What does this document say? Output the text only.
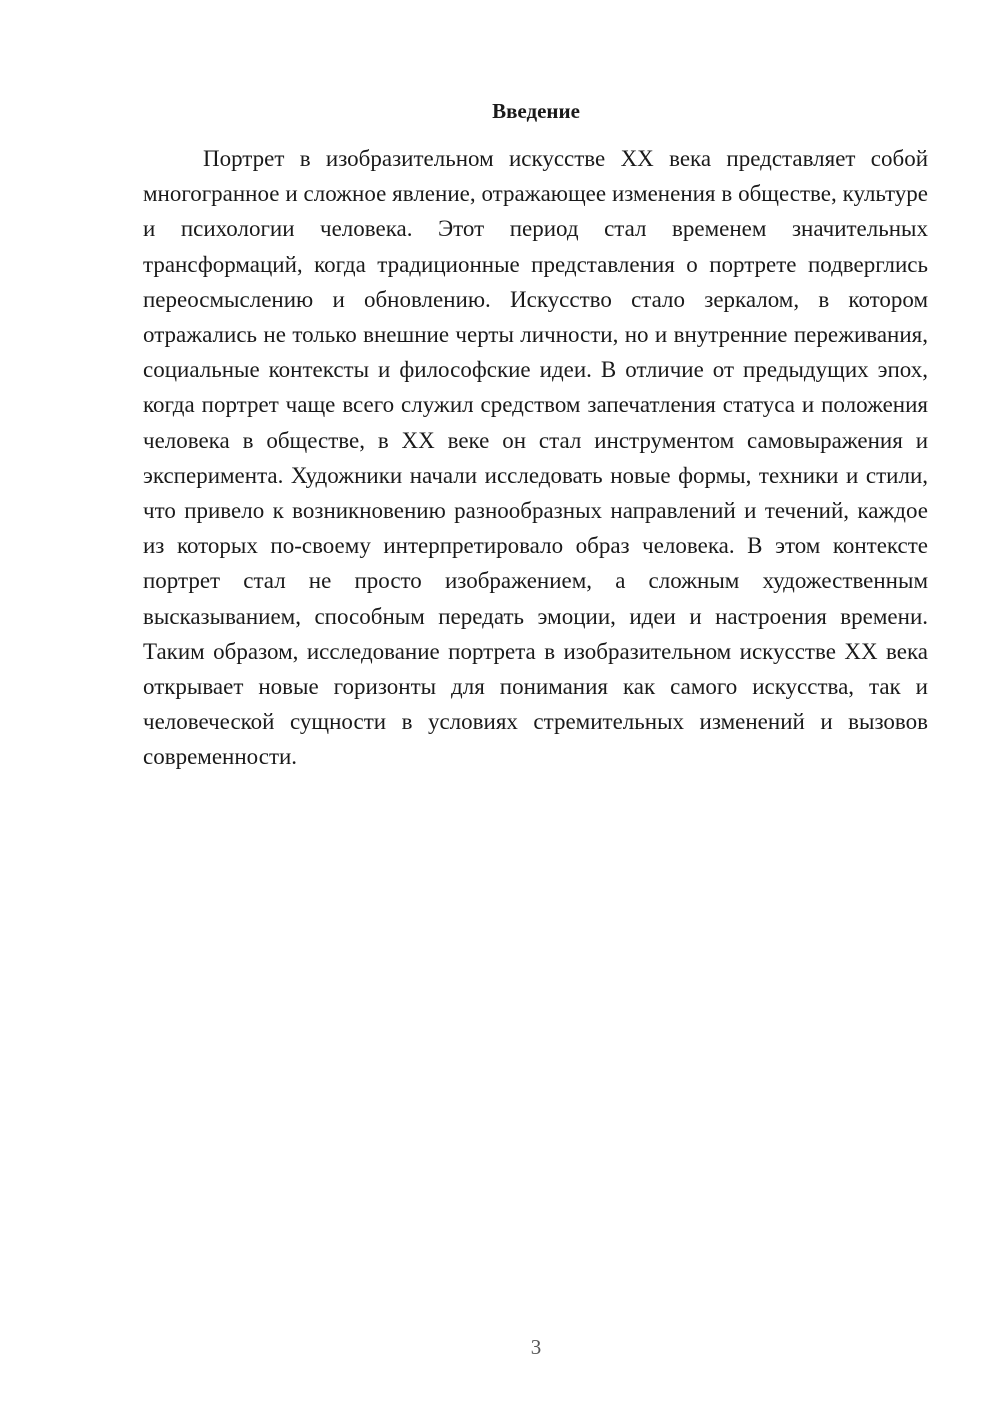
Введение

Портрет в изобразительном искусстве XX века представляет собой многогранное и сложное явление, отражающее изменения в обществе, культуре и психологии человека. Этот период стал временем значительных трансформаций, когда традиционные представления о портрете подверглись переосмыслению и обновлению. Искусство стало зеркалом, в котором отражались не только внешние черты личности, но и внутренние переживания, социальные контексты и философские идеи. В отличие от предыдущих эпох, когда портрет чаще всего служил средством запечатления статуса и положения человека в обществе, в XX веке он стал инструментом самовыражения и эксперимента. Художники начали исследовать новые формы, техники и стили, что привело к возникновению разнообразных направлений и течений, каждое из которых по-своему интерпретировало образ человека. В этом контексте портрет стал не просто изображением, а сложным художественным высказыванием, способным передать эмоции, идеи и настроения времени. Таким образом, исследование портрета в изобразительном искусстве XX века открывает новые горизонты для понимания как самого искусства, так и человеческой сущности в условиях стремительных изменений и вызовов современности.

3
